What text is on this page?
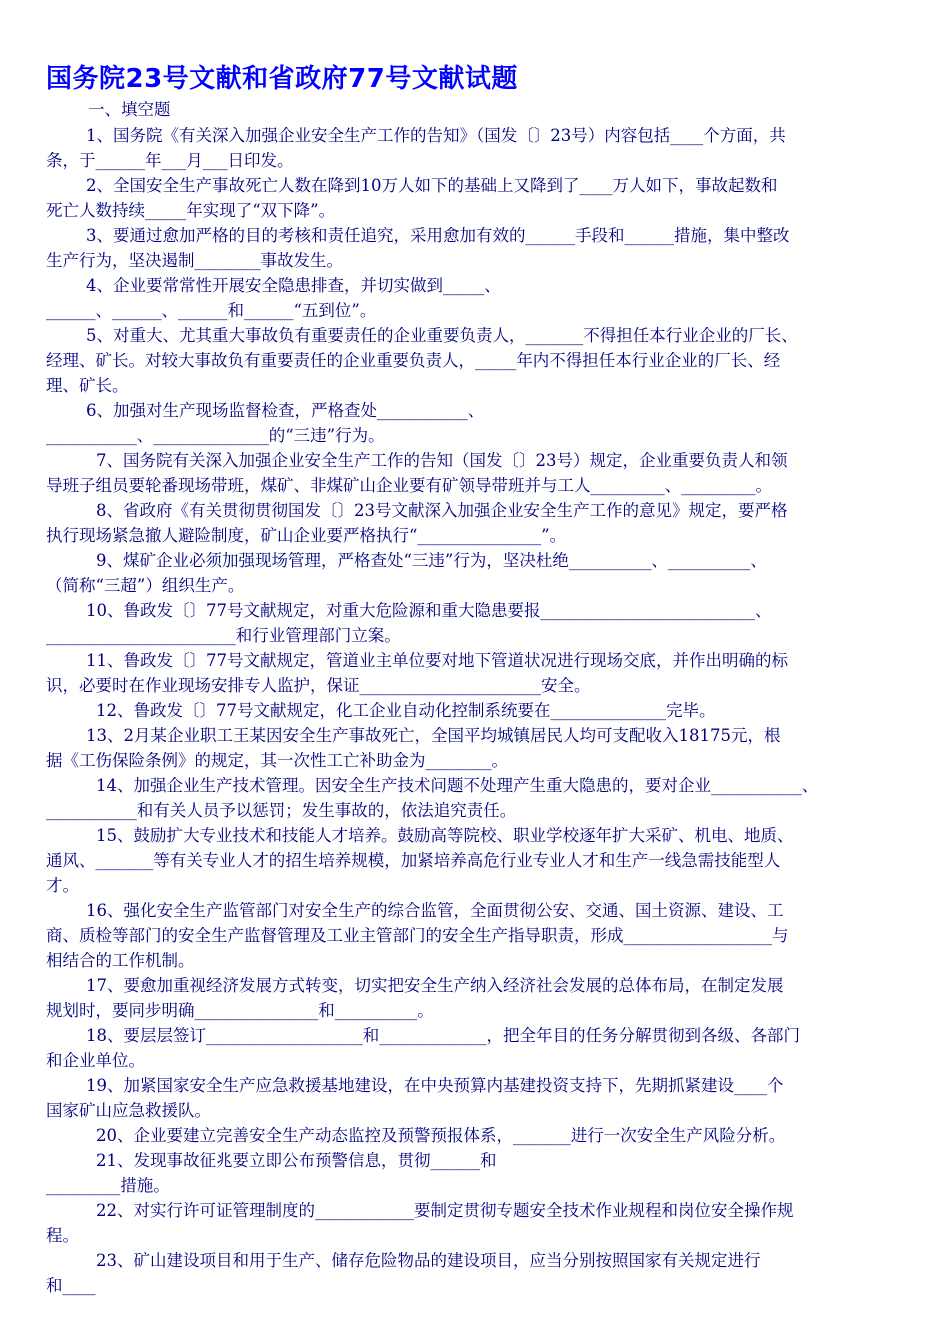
国务院23号文献和省政府77号文献试题
一、填空题
1、国务院《有关深入加强企业安全生产工作的告知》（国发〔〕23号）内容包括____个方面，共
条，于______年___月___日印发。
2、全国安全生产事故死亡人数在降到10万人如下的基础上又降到了____万人如下，事故起数和
死亡人数持续_____年实现了“双下降”。
3、要通过愈加严格的目的考核和责任追究，采用愈加有效的______手段和______措施，集中整改
生产行为，坚决遏制________事故发生。
4、企业要常常性开展安全隐患排查，并切实做到_____、
______、______、______和______“五到位”。
5、对重大、尤其重大事故负有重要责任的企业重要负责人，_______不得担任本行业企业的厂长、
经理、矿长。对较大事故负有重要责任的企业重要负责人，_____年内不得担任本行业企业的厂长、经
理、矿长。
6、加强对生产现场监督检查，严格查处___________、
___________、______________的“三违”行为。
7、国务院有关深入加强企业安全生产工作的告知（国发〔〕23号）规定，企业重要负责人和领
导班子组员要轮番现场带班，煤矿、非煤矿山企业要有矿领导带班并与工人_________、_________。
8、省政府《有关贯彻贯彻国发〔〕23号文献深入加强企业安全生产工作的意见》规定，要严格
执行现场紧急撤人避险制度，矿山企业要严格执行“_______________”。
9、煤矿企业必须加强现场管理，严格查处“三违”行为，坚决杜绝__________、__________、
（简称“三超”）组织生产。
10、鲁政发〔〕77号文献规定，对重大危险源和重大隐患要报__________________________、
_______________________和行业管理部门立案。
11、鲁政发〔〕77号文献规定，管道业主单位要对地下管道状况进行现场交底，并作出明确的标
识，必要时在作业现场安排专人监护，保证______________________安全。
12、鲁政发〔〕77号文献规定，化工企业自动化控制系统要在______________完毕。
13、2月某企业职工王某因安全生产事故死亡，全国平均城镇居民人均可支配收入18175元，根
据《工伤保险条例》的规定，其一次性工亡补助金为________。
14、加强企业生产技术管理。因安全生产技术问题不处理产生重大隐患的，要对企业___________、
___________和有关人员予以惩罚；发生事故的，依法追究责任。
15、鼓励扩大专业技术和技能人才培养。鼓励高等院校、职业学校逐年扩大采矿、机电、地质、
通风、_______等有关专业人才的招生培养规模，加紧培养高危行业专业人才和生产一线急需技能型人
才。
16、强化安全生产监管部门对安全生产的综合监管，全面贯彻公安、交通、国土资源、建设、工
商、质检等部门的安全生产监督管理及工业主管部门的安全生产指导职责，形成__________________与
相结合的工作机制。
17、要愈加重视经济发展方式转变，切实把安全生产纳入经济社会发展的总体布局，在制定发展
规划时，要同步明确_______________和__________。
18、要层层签订___________________和_____________，把全年目的任务分解贯彻到各级、各部门
和企业单位。
19、加紧国家安全生产应急救援基地建设，在中央预算内基建投资支持下，先期抓紧建设____个
国家矿山应急救援队。
20、企业要建立完善安全生产动态监控及预警预报体系，_______进行一次安全生产风险分析。
21、发现事故征兆要立即公布预警信息，贯彻______和
_________措施。
22、对实行许可证管理制度的____________要制定贯彻专题安全技术作业规程和岗位安全操作规
程。
23、矿山建设项目和用于生产、储存危险物品的建设项目，应当分别按照国家有关规定进行
和____
